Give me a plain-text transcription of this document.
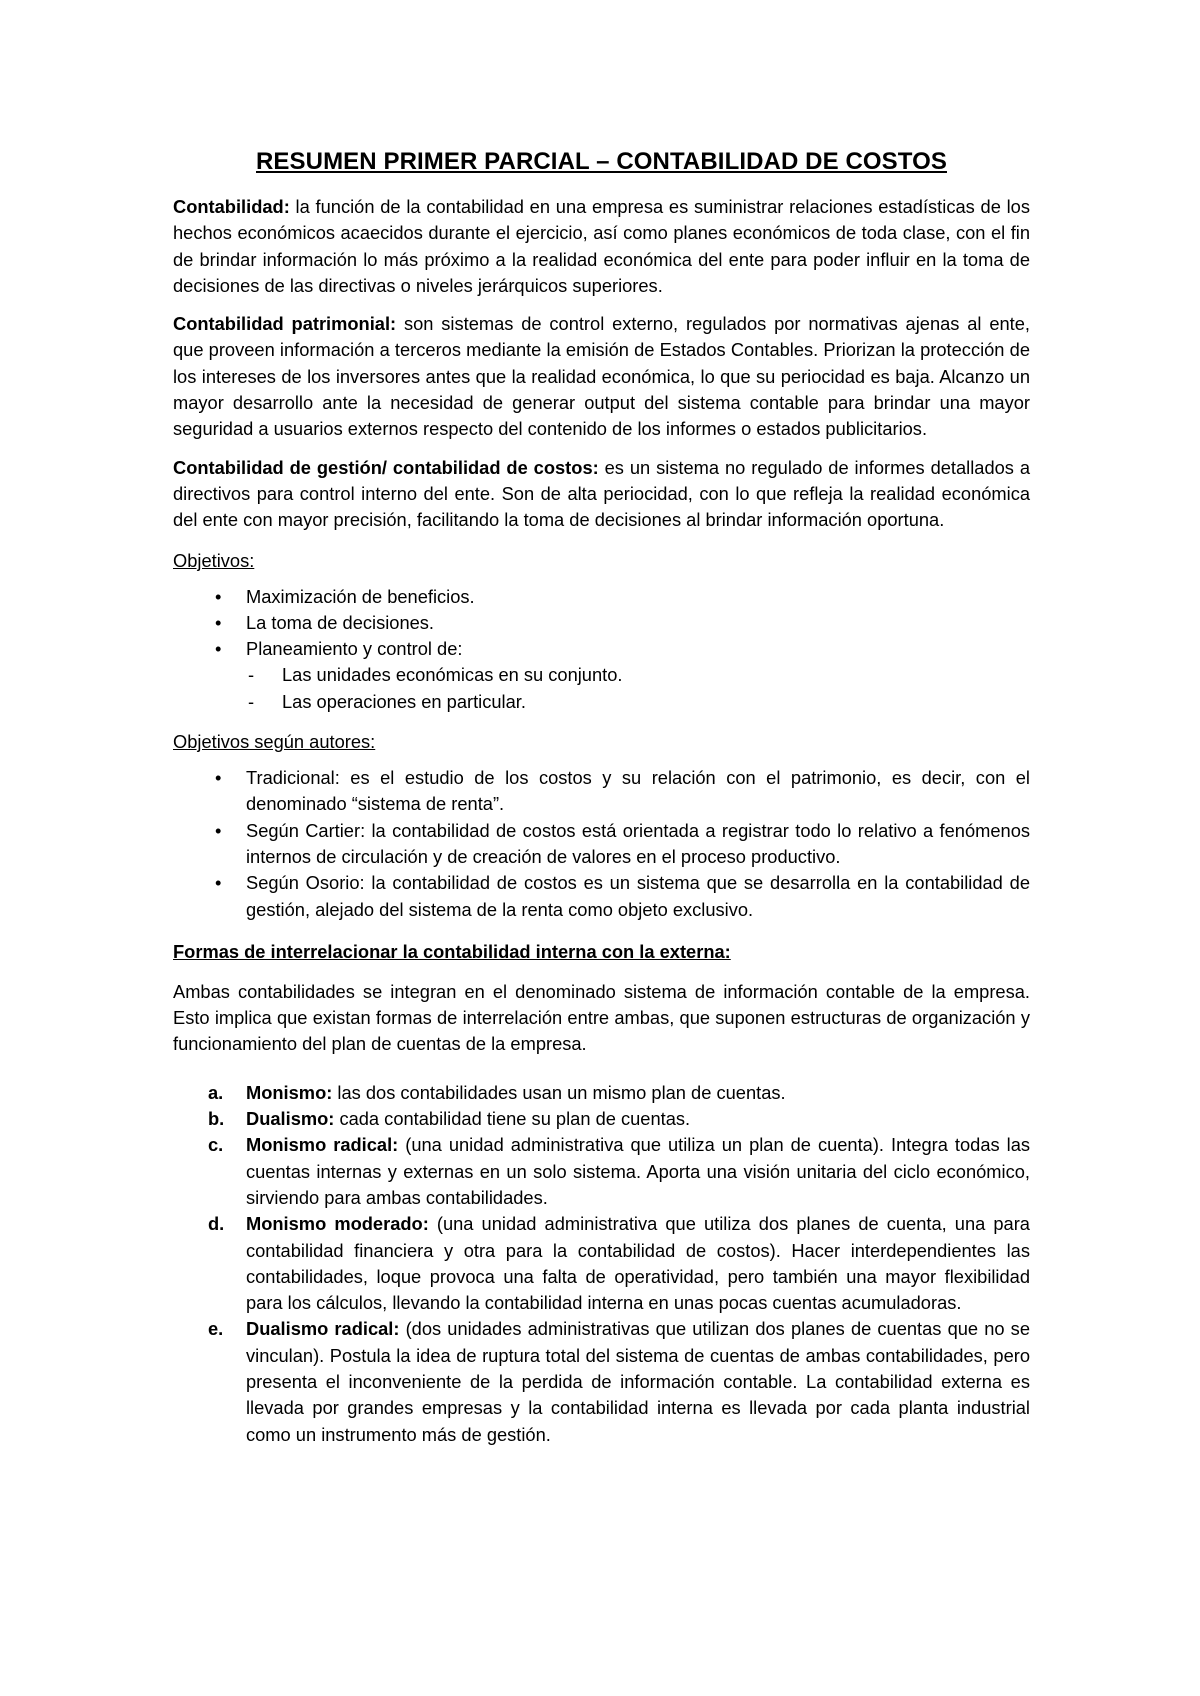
RESUMEN PRIMER PARCIAL – CONTABILIDAD DE COSTOS

Contabilidad: la función de la contabilidad en una empresa es suministrar relaciones estadísticas de los hechos económicos acaecidos durante el ejercicio, así como planes económicos de toda clase, con el fin de brindar información lo más próximo a la realidad económica del ente para poder influir en la toma de decisiones de las directivas o niveles jerárquicos superiores.

Contabilidad patrimonial: son sistemas de control externo, regulados por normativas ajenas al ente, que proveen información a terceros mediante la emisión de Estados Contables. Priorizan la protección de los intereses de los inversores antes que la realidad económica, lo que su periocidad es baja. Alcanzo un mayor desarrollo ante la necesidad de generar output del sistema contable para brindar una mayor seguridad a usuarios externos respecto del contenido de los informes o estados publicitarios.

Contabilidad de gestión/ contabilidad de costos: es un sistema no regulado de informes detallados a directivos para control interno del ente. Son de alta periocidad, con lo que refleja la realidad económica del ente con mayor precisión, facilitando la toma de decisiones al brindar información oportuna.

Objetivos:
• Maximización de beneficios.
• La toma de decisiones.
• Planeamiento y control de:
- Las unidades económicas en su conjunto.
- Las operaciones en particular.
Objetivos según autores:
• Tradicional: es el estudio de los costos y su relación con el patrimonio, es decir, con el denominado “sistema de renta”.
• Según Cartier: la contabilidad de costos está orientada a registrar todo lo relativo a fenómenos internos de circulación y de creación de valores en el proceso productivo.
• Según Osorio: la contabilidad de costos es un sistema que se desarrolla en la contabilidad de gestión, alejado del sistema de la renta como objeto exclusivo.
Formas de interrelacionar la contabilidad interna con la externa:

Ambas contabilidades se integran en el denominado sistema de información contable de la empresa. Esto implica que existan formas de interrelación entre ambas, que suponen estructuras de organización y funcionamiento del plan de cuentas de la empresa.

a. Monismo: las dos contabilidades usan un mismo plan de cuentas.
b. Dualismo: cada contabilidad tiene su plan de cuentas.
c. Monismo radical: (una unidad administrativa que utiliza un plan de cuenta). Integra todas las cuentas internas y externas en un solo sistema. Aporta una visión unitaria del ciclo económico, sirviendo para ambas contabilidades.
d. Monismo moderado: (una unidad administrativa que utiliza dos planes de cuenta, una para contabilidad financiera y otra para la contabilidad de costos). Hacer interdependientes las contabilidades, loque provoca una falta de operatividad, pero también una mayor flexibilidad para los cálculos, llevando la contabilidad interna en unas pocas cuentas acumuladoras.
e. Dualismo radical: (dos unidades administrativas que utilizan dos planes de cuentas que no se vinculan). Postula la idea de ruptura total del sistema de cuentas de ambas contabilidades, pero presenta el inconveniente de la perdida de información contable. La contabilidad externa es llevada por grandes empresas y la contabilidad interna es llevada por cada planta industrial como un instrumento más de gestión.
